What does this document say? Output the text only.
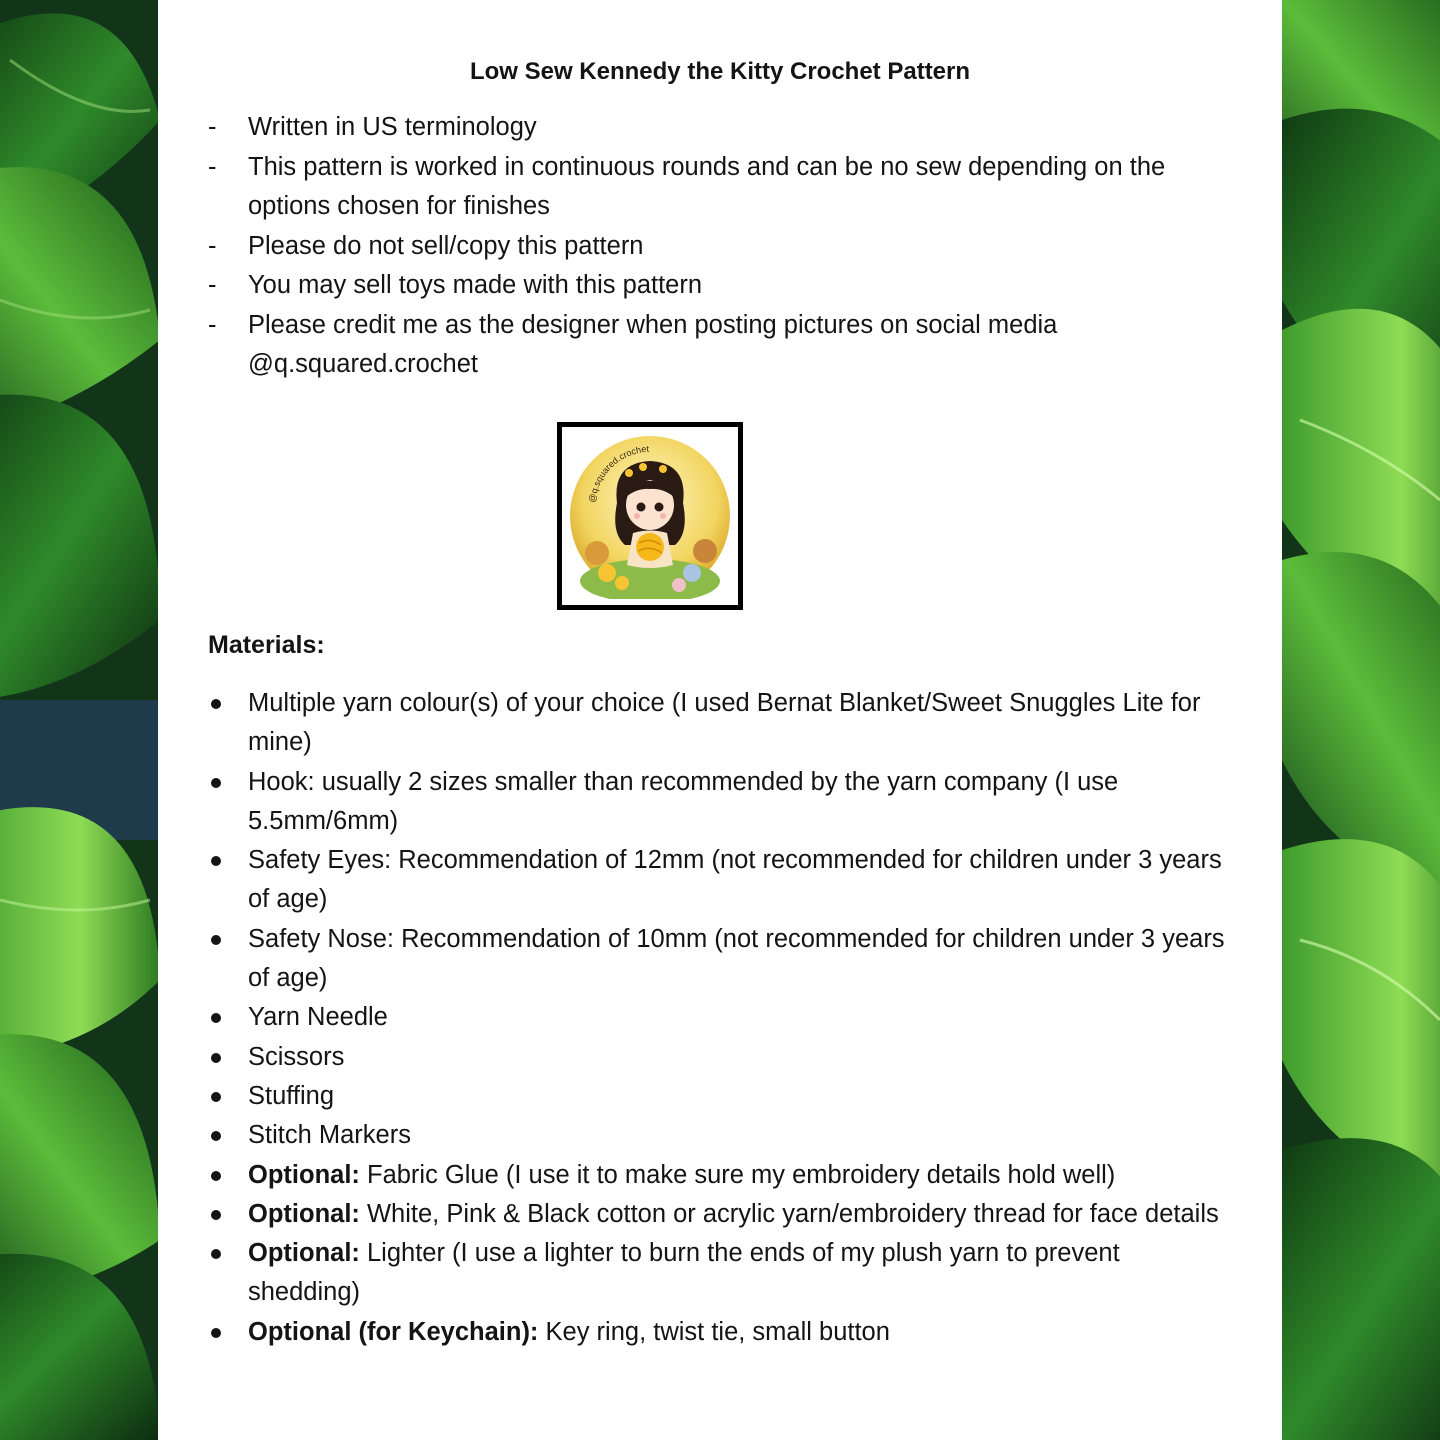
Low Sew Kennedy the Kitty Crochet Pattern
- Written in US terminology
- This pattern is worked in continuous rounds and can be no sew depending on the options chosen for finishes
- Please do not sell/copy this pattern
- You may sell toys made with this pattern
- Please credit me as the designer when posting pictures on social media @q.squared.crochet
@q.squared.crochet
Materials:
Multiple yarn colour(s) of your choice (I used Bernat Blanket/Sweet Snuggles Lite for mine)
Hook: usually 2 sizes smaller than recommended by the yarn company (I use 5.5mm/6mm)
Safety Eyes: Recommendation of 12mm (not recommended for children under 3 years of age)
Safety Nose: Recommendation of 10mm (not recommended for children under 3 years of age)
Yarn Needle
Scissors
Stuffing
Stitch Markers
Optional: Fabric Glue (I use it to make sure my embroidery details hold well)
Optional: White, Pink & Black cotton or acrylic yarn/embroidery thread for face details
Optional: Lighter (I use a lighter to burn the ends of my plush yarn to prevent shedding)
Optional (for Keychain): Key ring, twist tie, small button
